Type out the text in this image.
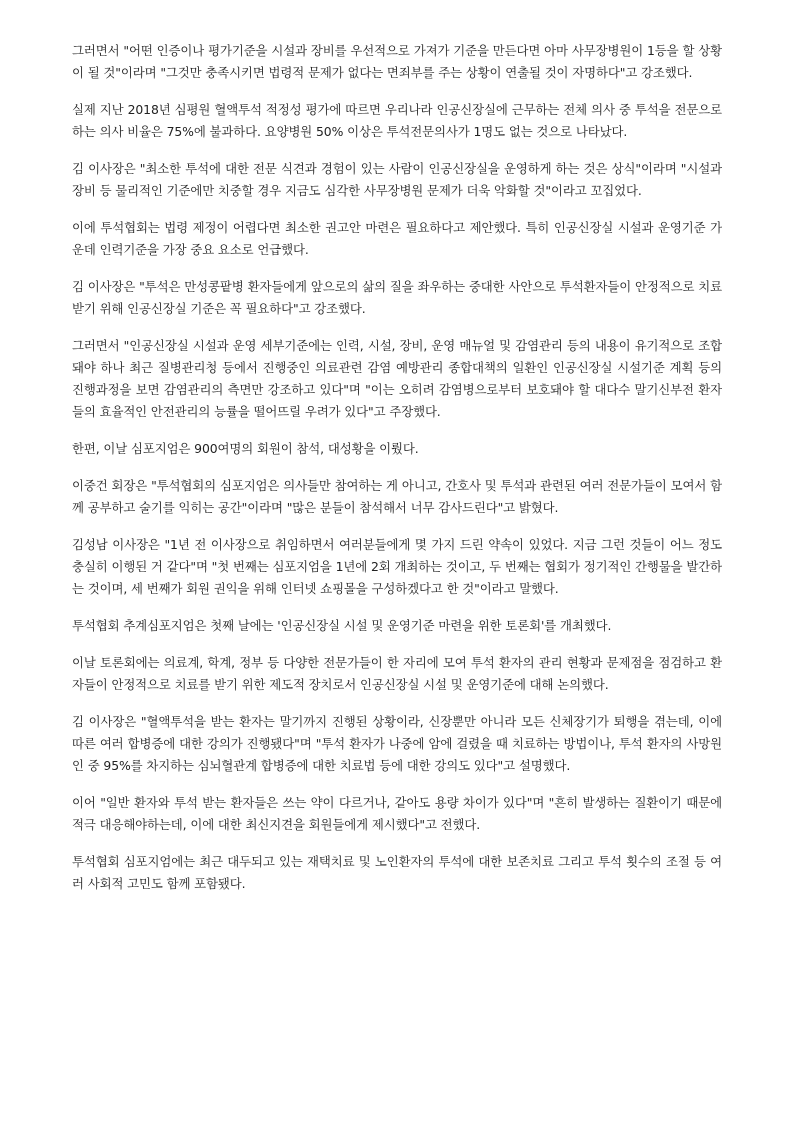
그러면서 "어떤 인증이나 평가기준을 시설과 장비를 우선적으로 가져가 기준을 만든다면 아마 사무장병원이 1등을 할 상황이 될 것"이라며 "그것만 충족시키면 법령적 문제가 없다는 면죄부를 주는 상황이 연출될 것이 자명하다"고 강조했다.

실제 지난 2018년 심평원 혈액투석 적정성 평가에 따르면 우리나라 인공신장실에 근무하는 전체 의사 중 투석을 전문으로 하는 의사 비율은 75%에 불과하다. 요양병원 50% 이상은 투석전문의사가 1명도 없는 것으로 나타났다.

김 이사장은 "최소한 투석에 대한 전문 식견과 경험이 있는 사람이 인공신장실을 운영하게 하는 것은 상식"이라며 "시설과 장비 등 물리적인 기준에만 치중할 경우 지금도 심각한 사무장병원 문제가 더욱 악화할 것"이라고 꼬집었다.

이에 투석협회는 법령 제정이 어렵다면 최소한 권고안 마련은 필요하다고 제안했다. 특히 인공신장실 시설과 운영기준 가운데 인력기준을 가장 중요 요소로 언급했다.

김 이사장은 "투석은 만성콩팥병 환자들에게 앞으로의 삶의 질을 좌우하는 중대한 사안으로 투석환자들이 안정적으로 치료받기 위해 인공신장실 기준은 꼭 필요하다"고 강조했다.

그러면서 "인공신장실 시설과 운영 세부기준에는 인력, 시설, 장비, 운영 매뉴얼 및 감염관리 등의 내용이 유기적으로 조합돼야 하나 최근 질병관리청 등에서 진행중인 의료관련 감염 예방관리 종합대책의 일환인 인공신장실 시설기준 계획 등의 진행과정을 보면 감염관리의 측면만 강조하고 있다"며 "이는 오히려 감염병으로부터 보호돼야 할 대다수 말기신부전 환자들의 효율적인 안전관리의 능률을 떨어뜨릴 우려가 있다"고 주장했다.

한편, 이날 심포지엄은 900여명의 회원이 참석, 대성황을 이뤘다.

이중건 회장은 "투석협회의 심포지엄은 의사들만 참여하는 게 아니고, 간호사 및 투석과 관련된 여러 전문가들이 모여서 함께 공부하고 술기를 익히는 공간"이라며 "많은 분들이 참석해서 너무 감사드린다"고 밝혔다.

김성남 이사장은 "1년 전 이사장으로 취임하면서 여러분들에게 몇 가지 드린 약속이 있었다. 지금 그런 것들이 어느 정도 충실히 이행된 거 같다"며 "첫 번째는 심포지엄을 1년에 2회 개최하는 것이고, 두 번째는 협회가 정기적인 간행물을 발간하는 것이며, 세 번째가 회원 권익을 위해 인터넷 쇼핑몰을 구성하겠다고 한 것"이라고 말했다.

투석협회 추계심포지엄은 첫째 날에는 '인공신장실 시설 및 운영기준 마련을 위한 토론회'를 개최했다.

이날 토론회에는 의료계, 학계, 정부 등 다양한 전문가들이 한 자리에 모여 투석 환자의 관리 현황과 문제점을 점검하고 환자들이 안정적으로 치료를 받기 위한 제도적 장치로서 인공신장실 시설 및 운영기준에 대해 논의했다.

김 이사장은 "혈액투석을 받는 환자는 말기까지 진행된 상황이라, 신장뿐만 아니라 모든 신체장기가 퇴행을 겪는데, 이에 따른 여러 합병증에 대한 강의가 진행됐다"며 "투석 환자가 나중에 암에 걸렸을 때 치료하는 방법이나, 투석 환자의 사망원인 중 95%를 차지하는 심뇌혈관계 합병증에 대한 치료법 등에 대한 강의도 있다"고 설명했다.

이어 "일반 환자와 투석 받는 환자들은 쓰는 약이 다르거나, 같아도 용량 차이가 있다"며 "흔히 발생하는 질환이기 때문에 적극 대응해야하는데, 이에 대한 최신지견을 회원들에게 제시했다"고 전했다.

투석협회 심포지엄에는 최근 대두되고 있는 재택치료 및 노인환자의 투석에 대한 보존치료 그리고 투석 횟수의 조절 등 여러 사회적 고민도 함께 포함됐다.
